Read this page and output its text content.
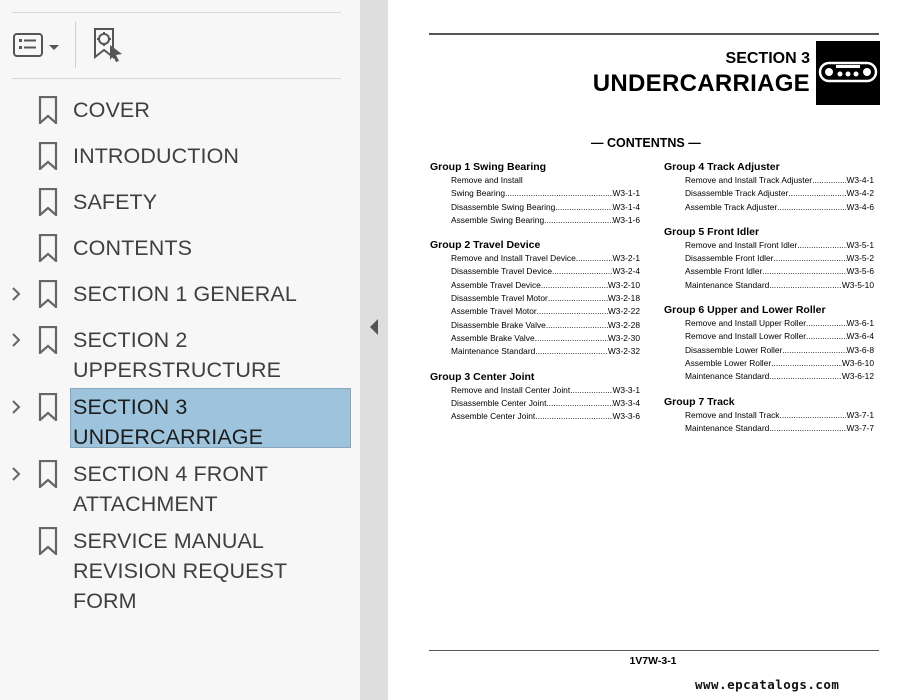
COVER
INTRODUCTION
SAFETY
CONTENTS
SECTION 1 GENERAL
SECTION 2 UPPERSTRUCTURE
SECTION 3 UNDERCARRIAGE
SECTION 4 FRONT ATTACHMENT
SERVICE MANUAL REVISION REQUEST FORM
SECTION 3
UNDERCARRIAGE
— CONTENTNS —
Group 1 Swing Bearing
Remove and Install
Swing Bearing .....	W3-1-1
Disassemble Swing Bearing .....	W3-1-4
Assemble Swing Bearing .....	W3-1-6
Group 2 Travel Device
Remove and Install Travel Device .....	W3-2-1
Disassemble Travel Device .....	W3-2-4
Assemble Travel Device .....	W3-2-10
Disassemble Travel Motor .....	W3-2-18
Assemble Travel Motor .....	W3-2-22
Disassemble Brake Valve .....	W3-2-28
Assemble Brake Valve .....	W3-2-30
Maintenance Standard .....	W3-2-32
Group 3 Center Joint
Remove and Install Center Joint .....	W3-3-1
Disassemble Center Joint .....	W3-3-4
Assemble Center Joint .....	W3-3-6
Group 4 Track Adjuster
Remove and Install Track Adjuster .....	W3-4-1
Disassemble Track Adjuster .....	W3-4-2
Assemble Track Adjuster .....	W3-4-6
Group 5 Front Idler
Remove and Install Front Idler .....	W3-5-1
Disassemble Front Idler .....	W3-5-2
Assemble Front Idler .....	W3-5-6
Maintenance Standard .....	W3-5-10
Group 6 Upper and Lower Roller
Remove and Install Upper Roller .....	W3-6-1
Remove and Install Lower Roller .....	W3-6-4
Disassemble Lower Roller .....	W3-6-8
Assemble Lower Roller .....	W3-6-10
Maintenance Standard .....	W3-6-12
Group 7 Track
Remove and Install Track .....	W3-7-1
Maintenance Standard .....	W3-7-7
1V7W-3-1
www.epcatalogs.com
